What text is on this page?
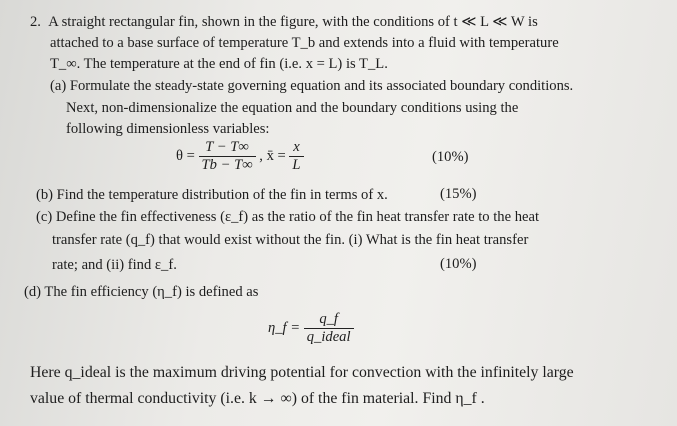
2. A straight rectangular fin, shown in the figure, with the conditions of t ≪ L ≪ W is
attached to a base surface of temperature T_b and extends into a fluid with temperature
T_∞. The temperature at the end of fin (i.e. x = L) is T_L.
(a) Formulate the steady-state governing equation and its associated boundary conditions.
Next, non-dimensionalize the equation and the boundary conditions using the
following dimensionless variables:
$\theta = \frac{T - T\infty}{Tb - T\infty}$ , x̄ = $\frac{x}{L}$	(10%)
(b) Find the temperature distribution of the fin in terms of x.	(15%)
(c) Define the fin effectiveness (ε_f) as the ratio of the fin heat transfer rate to the heat
transfer rate (q_f) that would exist without the fin. (i) What is the fin heat transfer
rate; and (ii) find ε_f.	(10%)
(d) The fin efficiency (η_f) is defined as
η_f = $\frac{q\_f}{\text{q\_ideal}}$
Here q_ideal is the maximum driving potential for convection with the infinitely large
value of thermal conductivity (i.e. k → ∞) of the fin material. Find η_f .
